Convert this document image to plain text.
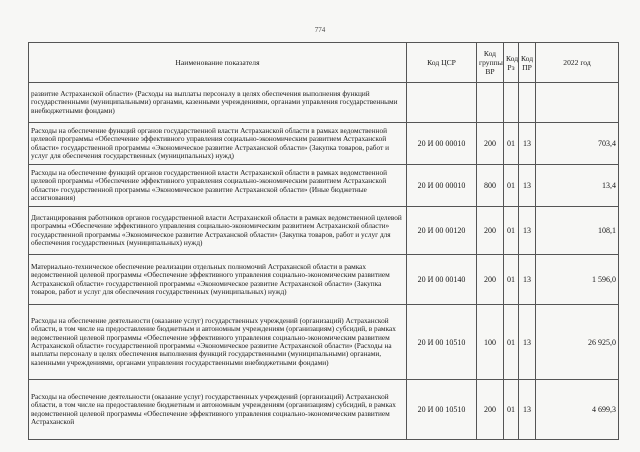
774
Наименование показателя	Код ЦСР	Код группы ВР	Код Рз	Код ПР	2022 год
развитие Астраханской области» (Расходы на выплаты персоналу в целях обеспечения выполнения функций государственными (муниципальными) органами, казенными учреждениями, органами управления государственными внебюджетными фондами)					
Расходы на обеспечение функций органов государственной власти Астраханской области в рамках ведомственной целевой программы «Обеспечение эффективного управления социально-экономическим развитием Астраханской области» государственной программы «Экономическое развитие Астраханской области» (Закупка товаров, работ и услуг для обеспечения государственных (муниципальных) нужд)	20 И 00 00010	200	01	13	703,4
Расходы на обеспечение функций органов государственной власти Астраханской области в рамках ведомственной целевой программы «Обеспечение эффективного управления социально-экономическим развитием Астраханской области» государственной программы «Экономическое развитие Астраханской области» (Иные бюджетные ассигнования)	20 И 00 00010	800	01	13	13,4
Дистанцирования работников органов государственной власти Астраханской области в рамках ведомственной целевой программы «Обеспечение эффективного управления социально-экономическим развитием Астраханской области» государственной программы «Экономическое развитие Астраханской области» (Закупка товаров, работ и услуг для обеспечения государственных (муниципальных) нужд)	20 И 00 00120	200	01	13	108,1
Материально-техническое обеспечение реализации отдельных полномочий Астраханской области в рамках ведомственной целевой программы «Обеспечение эффективного управления социально-экономическим развитием Астраханской области» государственной программы «Экономическое развитие Астраханской области» (Закупка товаров, работ и услуг для обеспечения государственных (муниципальных) нужд)	20 И 00 00140	200	01	13	1 596,0
Расходы на обеспечение деятельности (оказание услуг) государственных учреждений (организаций) Астраханской области, в том числе на предоставление бюджетным и автономным учреждениям (организациям) субсидий, в рамках ведомственной целевой программы «Обеспечение эффективного управления социально-экономическим развитием Астраханской области» государственной программы «Экономическое развитие Астраханской области» (Расходы на выплаты персоналу в целях обеспечения выполнения функций государственными (муниципальными) органами, казенными учреждениями, органами управления государственными внебюджетными фондами)	20 И 00 10510	100	01	13	26 925,0
Расходы на обеспечение деятельности (оказание услуг) государственных учреждений (организаций) Астраханской области, в том числе на предоставление бюджетным и автономным учреждениям (организациям) субсидий, в рамках ведомственной целевой программы «Обеспечение эффективного управления социально-экономическим развитием Астраханской	20 И 00 10510	200	01	13	4 699,3
